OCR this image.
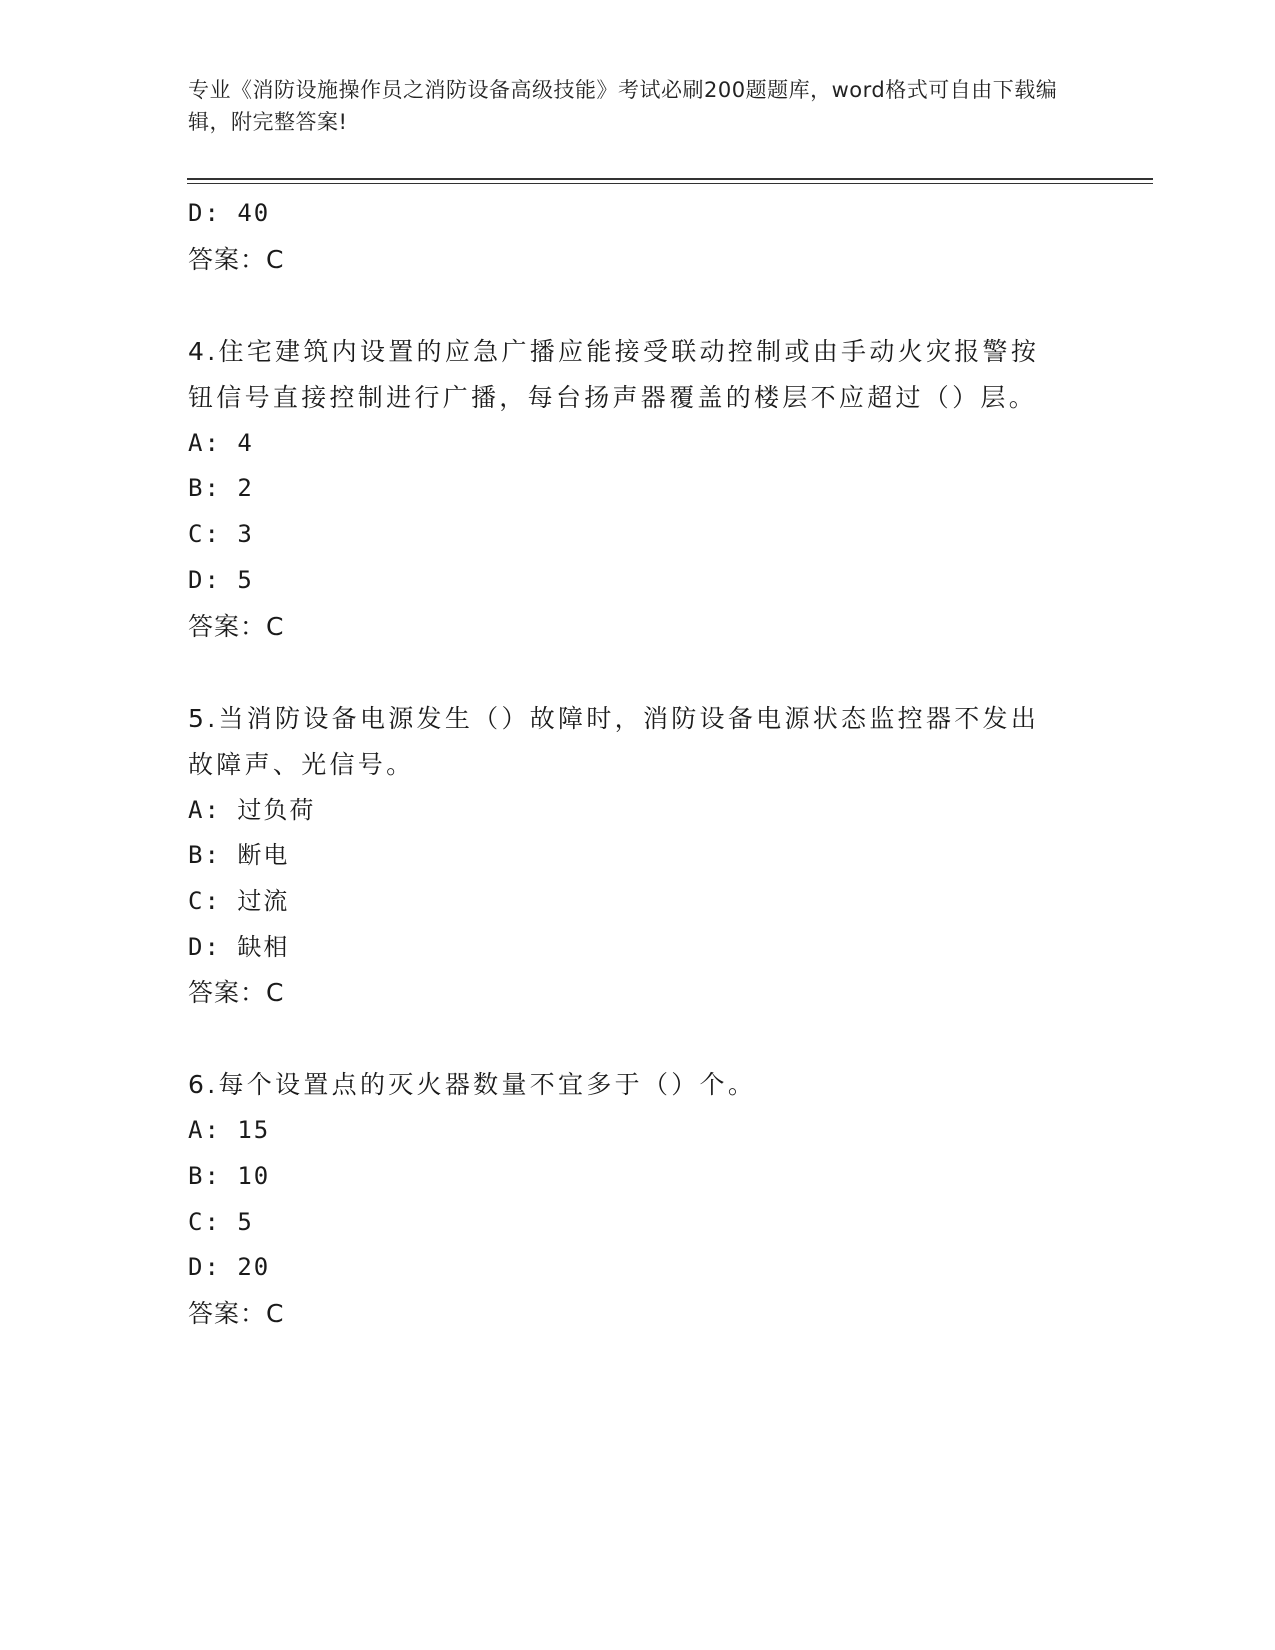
专业《消防设施操作员之消防设备高级技能》考试必刷200题题库，word格式可自由下载编辑，附完整答案!
D: 40
答案：C
4.住宅建筑内设置的应急广播应能接受联动控制或由手动火灾报警按
钮信号直接控制进行广播，每台扬声器覆盖的楼层不应超过（）层。
A: 4
B: 2
C: 3
D: 5
答案：C
5.当消防设备电源发生（）故障时，消防设备电源状态监控器不发出
故障声、光信号。
A: 过负荷
B: 断电
C: 过流
D: 缺相
答案：C
6.每个设置点的灭火器数量不宜多于（）个。
A: 15
B: 10
C: 5
D: 20
答案：C
